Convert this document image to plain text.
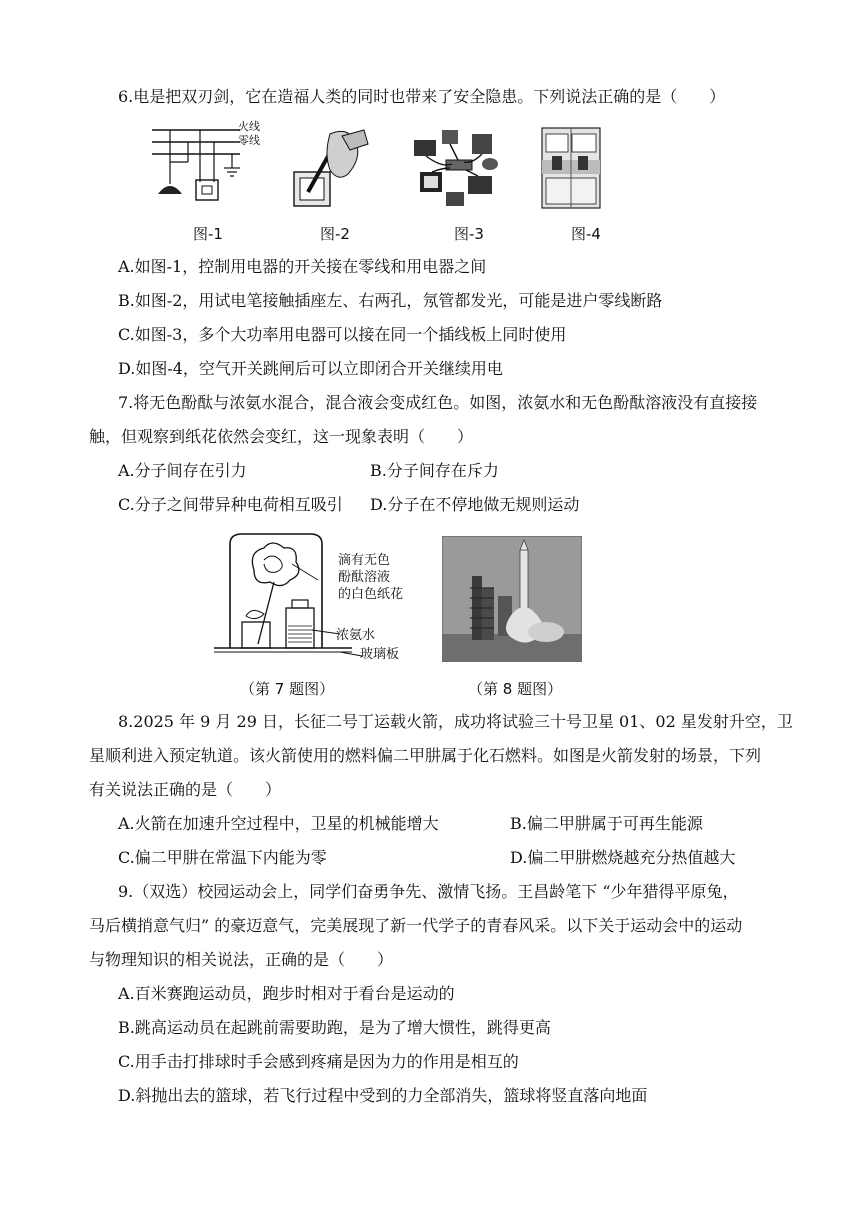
6.电是把双刃剑，它在造福人类的同时也带来了安全隐患。下列说法正确的是（　　）
火线
零线
图-1	图-2	图-3	图-4
A.如图-1，控制用电器的开关接在零线和用电器之间
B.如图-2，用试电笔接触插座左、右两孔，氖管都发光，可能是进户零线断路
C.如图-3，多个大功率用电器可以接在同一个插线板上同时使用
D.如图-4，空气开关跳闸后可以立即闭合开关继续用电
7.将无色酚酞与浓氨水混合，混合液会变成红色。如图，浓氨水和无色酚酞溶液没有直接接
触，但观察到纸花依然会变红，这一现象表明（　　）
A.分子间存在引力	B.分子间存在斥力
C.分子之间带异种电荷相互吸引 D.分子在不停地做无规则运动
滴有无色
酚酞溶液
的白色纸花
浓氨水
玻璃板
（第 7 题图）	（第 8 题图）
8.2025 年 9 月 29 日，长征二号丁运载火箭，成功将试验三十号卫星 01、02 星发射升空，卫
星顺利进入预定轨道。该火箭使用的燃料偏二甲肼属于化石燃料。如图是火箭发射的场景，下列
有关说法正确的是（　　）
A.火箭在加速升空过程中，卫星的机械能增大	B.偏二甲肼属于可再生能源
C.偏二甲肼在常温下内能为零	D.偏二甲肼燃烧越充分热值越大
9.（双选）校园运动会上，同学们奋勇争先、激情飞扬。王昌龄笔下 “少年猎得平原兔，
马后横捎意气归” 的豪迈意气，完美展现了新一代学子的青春风采。以下关于运动会中的运动
与物理知识的相关说法，正确的是（　　）
A.百米赛跑运动员，跑步时相对于看台是运动的
B.跳高运动员在起跳前需要助跑，是为了增大惯性，跳得更高
C.用手击打排球时手会感到疼痛是因为力的作用是相互的
D.斜抛出去的篮球，若飞行过程中受到的力全部消失，篮球将竖直落向地面
